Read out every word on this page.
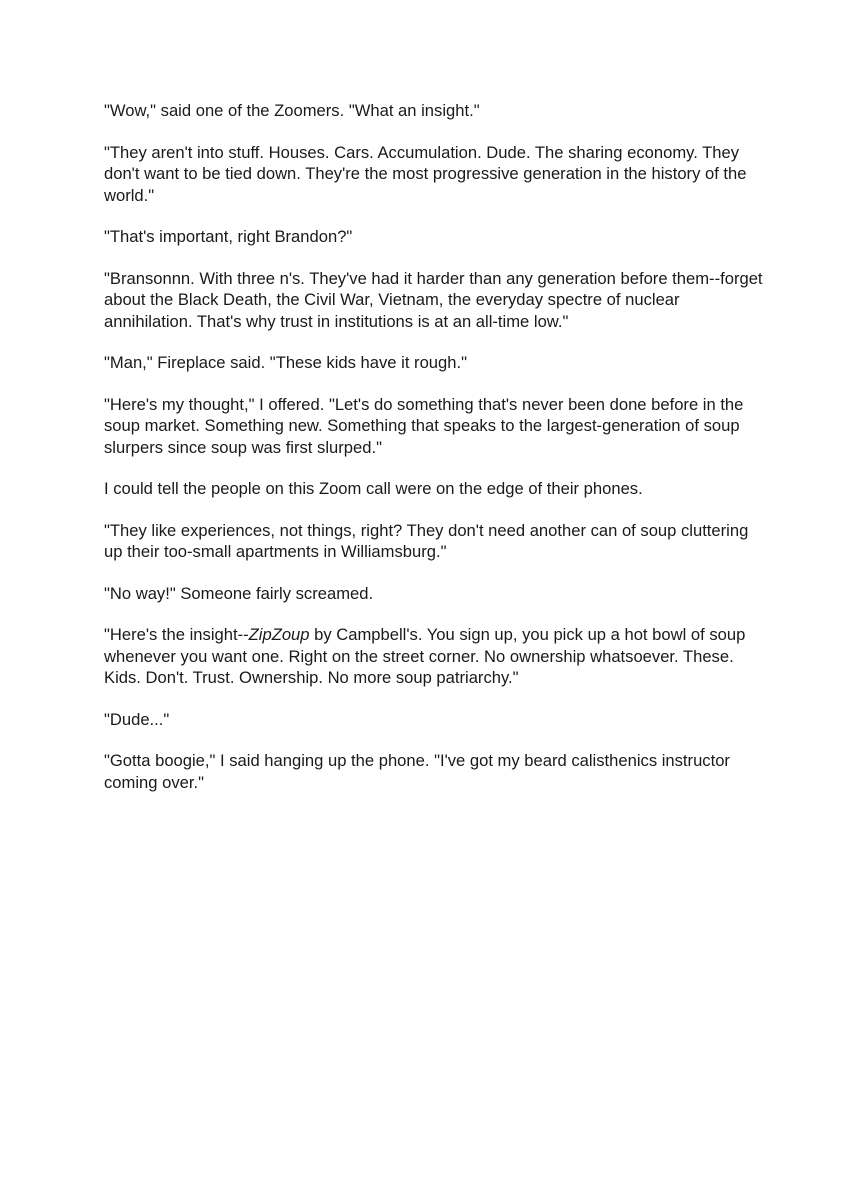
"Wow," said one of the Zoomers. "What an insight."

"They aren't into stuff. Houses. Cars. Accumulation. Dude. The sharing economy. They don't want to be tied down. They're the most progressive generation in the history of the world."

"That's important, right Brandon?"

"Bransonnn. With three n's. They've had it harder than any generation before them--forget about the Black Death, the Civil War, Vietnam, the everyday spectre of nuclear annihilation. That's why trust in institutions is at an all-time low."

"Man," Fireplace said. "These kids have it rough."

"Here's my thought," I offered. "Let's do something that's never been done before in the soup market. Something new. Something that speaks to the largest-generation of soup slurpers since soup was first slurped."

I could tell the people on this Zoom call were on the edge of their phones.

"They like experiences, not things, right? They don't need another can of soup cluttering up their too-small apartments in Williamsburg."

"No way!" Someone fairly screamed.

"Here's the insight--ZipZoup by Campbell's. You sign up, you pick up a hot bowl of soup whenever you want one. Right on the street corner. No ownership whatsoever. These. Kids. Don't. Trust. Ownership. No more soup patriarchy."

"Dude..."

"Gotta boogie," I said hanging up the phone. "I've got my beard calisthenics instructor coming over."
